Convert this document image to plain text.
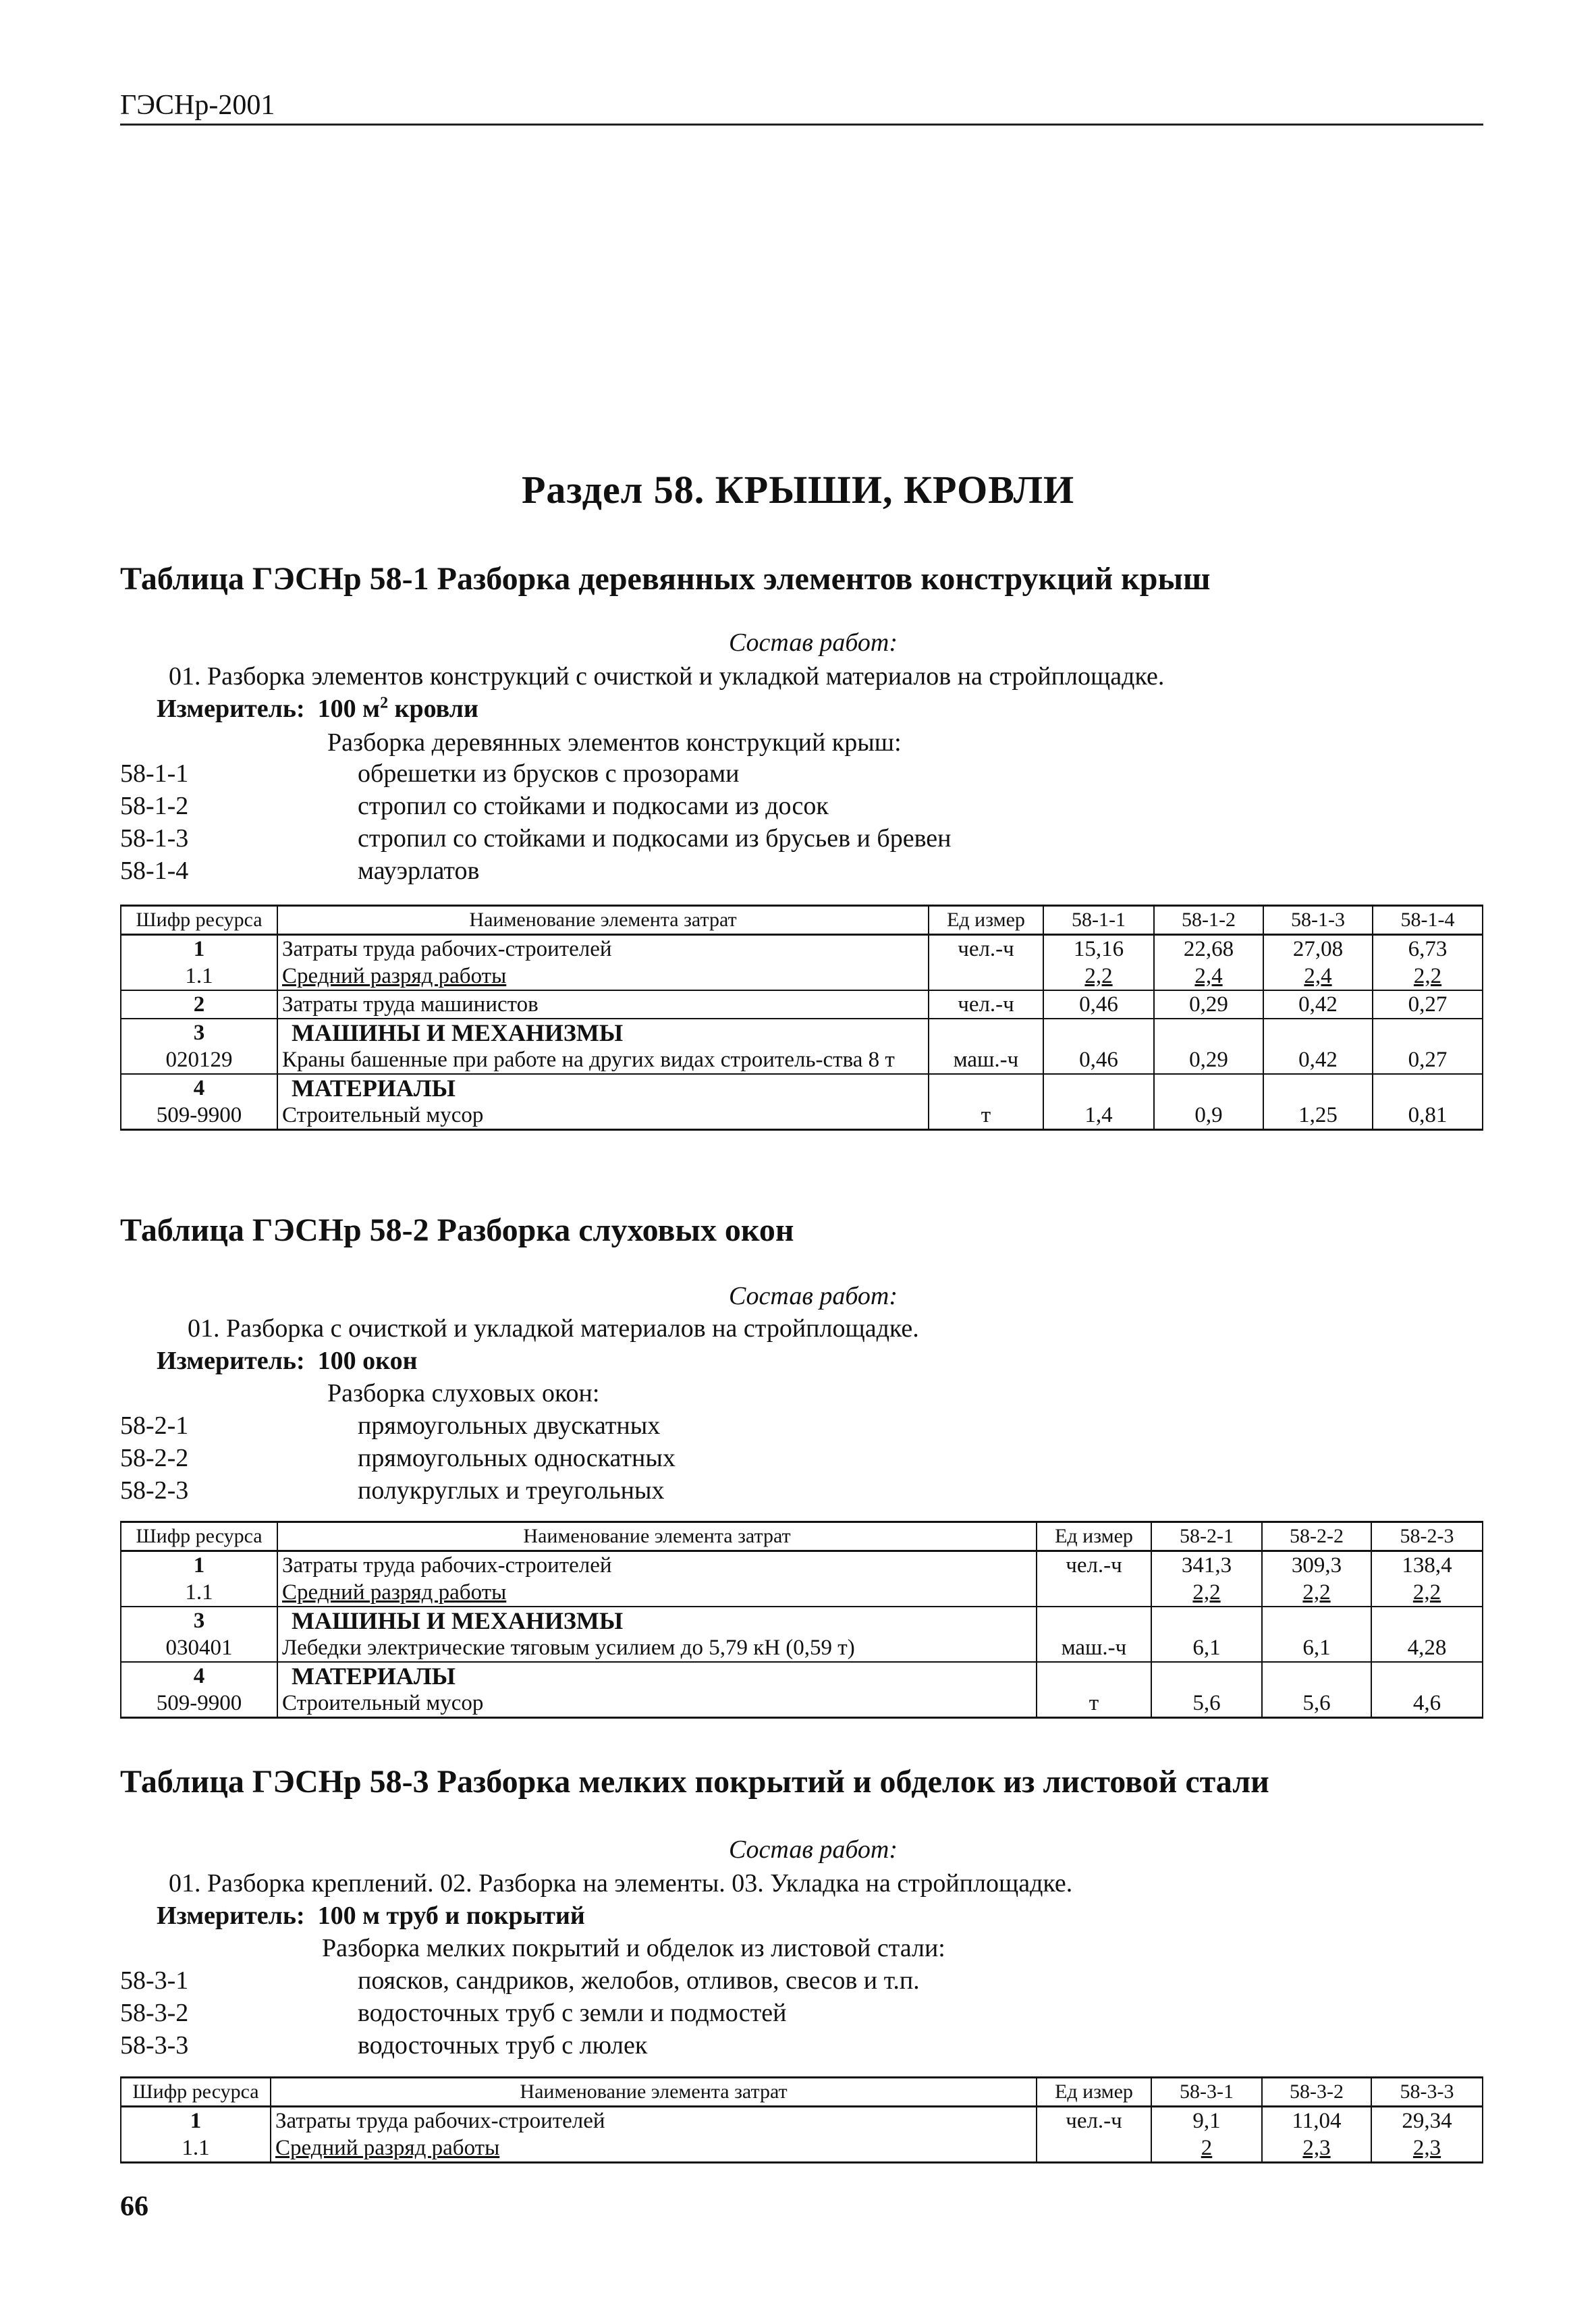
ГЭСНр-2001
Раздел 58. КРЫШИ, КРОВЛИ
Таблица ГЭСНр 58-1 Разборка деревянных элементов конструкций крыш
Состав работ:
01. Разборка элементов конструкций с очисткой и укладкой материалов на стройплощадке.
Измеритель: 100 $м^2$ кровли
Разборка деревянных элементов конструкций крыш:
58-1-1	обрешетки из брусков с прозорами
58-1-2	стропил со стойками и подкосами из досок
58-1-3	стропил со стойками и подкосами из брусьев и бревен
58-1-4	мауэрлатов
Шифр ресурса	Наименование элемента затрат	Ед измер	58-1-1	58-1-2	58-1-3	58-1-4
1	Затраты труда рабочих-строителей	чел.-ч	15,16	22,68	27,08	6,73
1.1	Средний разряд работы		2,2	2,4	2,4	2,2
2	Затраты труда машинистов	чел.-ч	0,46	0,29	0,42	0,27
3	МАШИНЫ И МЕХАНИЗМЫ					
020129	Краны башенные при работе на других видах строитель-ства 8 т	маш.-ч	0,46	0,29	0,42	0,27
4	МАТЕРИАЛЫ					
509-9900	Строительный мусор	т	1,4	0,9	1,25	0,81
Таблица ГЭСНр 58-2 Разборка слуховых окон
Состав работ:
01. Разборка с очисткой и укладкой материалов на стройплощадке.
Измеритель: 100 окон
Разборка слуховых окон:
58-2-1	прямоугольных двускатных
58-2-2	прямоугольных односкатных
58-2-3	полукруглых и треугольных
Шифр ресурса	Наименование элемента затрат	Ед измер	58-2-1	58-2-2	58-2-3
1	Затраты труда рабочих-строителей	чел.-ч	341,3	309,3	138,4
1.1	Средний разряд работы		2,2	2,2	2,2
3	МАШИНЫ И МЕХАНИЗМЫ				
030401	Лебедки электрические тяговым усилием до 5,79 кН (0,59 т)	маш.-ч	6,1	6,1	4,28
4	МАТЕРИАЛЫ				
509-9900	Строительный мусор	т	5,6	5,6	4,6
Таблица ГЭСНр 58-3 Разборка мелких покрытий и обделок из листовой стали
Состав работ:
01. Разборка креплений. 02. Разборка на элементы. 03. Укладка на стройплощадке.
Измеритель: 100 м труб и покрытий
Разборка мелких покрытий и обделок из листовой стали:
58-3-1	поясков, сандриков, желобов, отливов, свесов и т.п.
58-3-2	водосточных труб с земли и подмостей
58-3-3	водосточных труб с люлек
Шифр ресурса	Наименование элемента затрат	Ед измер	58-3-1	58-3-2	58-3-3
1	Затраты труда рабочих-строителей	чел.-ч	9,1	11,04	29,34
1.1	Средний разряд работы		2	2,3	2,3
66
